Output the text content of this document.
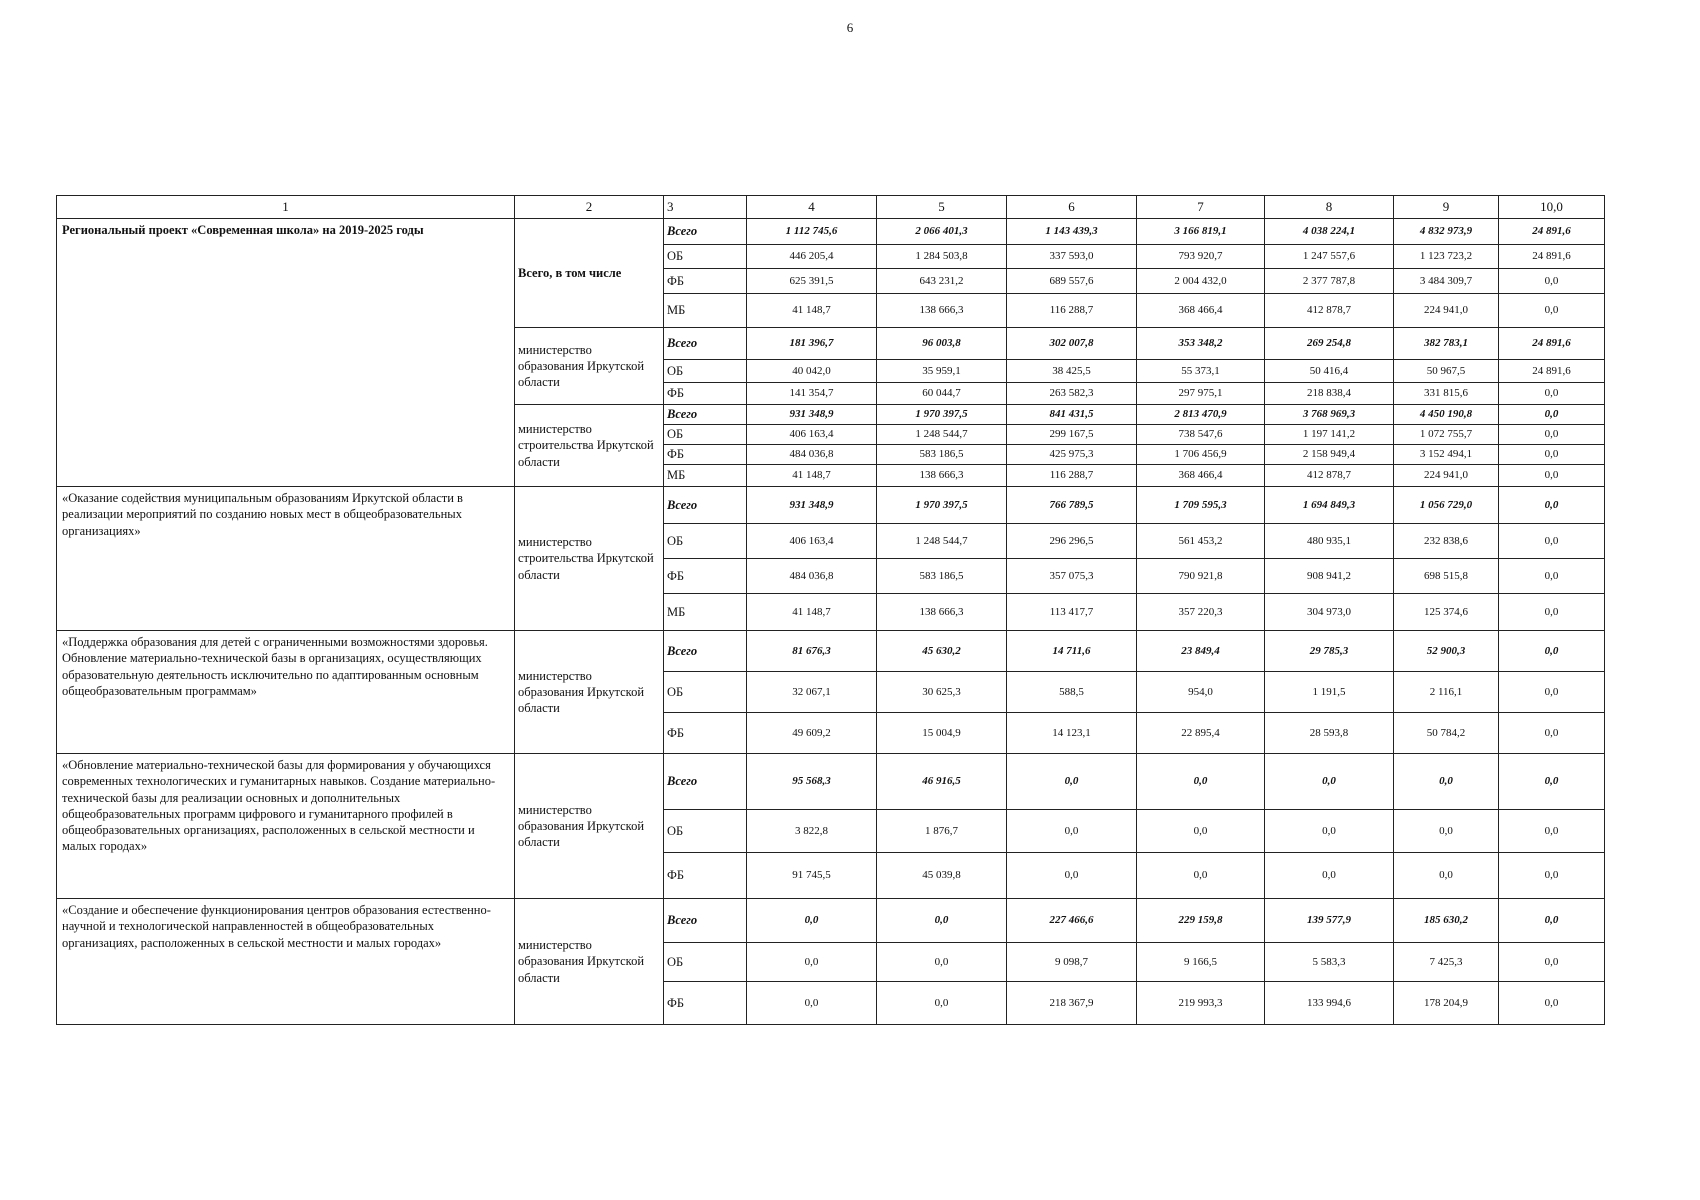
6
1	2	3	4	5	6	7	8	9	10,0
Региональный проект «Современная школа» на 2019-2025 годы	Всего, в том числе	Всего	1 112 745,6	2 066 401,3	1 143 439,3	3 166 819,1	4 038 224,1	4 832 973,9	24 891,6
		ОБ	446 205,4	1 284 503,8	337 593,0	793 920,7	1 247 557,6	1 123 723,2	24 891,6
		ФБ	625 391,5	643 231,2	689 557,6	2 004 432,0	2 377 787,8	3 484 309,7	0,0
		МБ	41 148,7	138 666,3	116 288,7	368 466,4	412 878,7	224 941,0	0,0
	министерство образования Иркутской области	Всего	181 396,7	96 003,8	302 007,8	353 348,2	269 254,8	382 783,1	24 891,6
		ОБ	40 042,0	35 959,1	38 425,5	55 373,1	50 416,4	50 967,5	24 891,6
		ФБ	141 354,7	60 044,7	263 582,3	297 975,1	218 838,4	331 815,6	0,0
	министерство строительства Иркутской области	Всего	931 348,9	1 970 397,5	841 431,5	2 813 470,9	3 768 969,3	4 450 190,8	0,0
		ОБ	406 163,4	1 248 544,7	299 167,5	738 547,6	1 197 141,2	1 072 755,7	0,0
		ФБ	484 036,8	583 186,5	425 975,3	1 706 456,9	2 158 949,4	3 152 494,1	0,0
		МБ	41 148,7	138 666,3	116 288,7	368 466,4	412 878,7	224 941,0	0,0
«Оказание содействия муниципальным образованиям Иркутской области в реализации мероприятий по созданию новых мест в общеобразовательных организациях»	министерство строительства Иркутской области	Всего	931 348,9	1 970 397,5	766 789,5	1 709 595,3	1 694 849,3	1 056 729,0	0,0
		ОБ	406 163,4	1 248 544,7	296 296,5	561 453,2	480 935,1	232 838,6	0,0
		ФБ	484 036,8	583 186,5	357 075,3	790 921,8	908 941,2	698 515,8	0,0
		МБ	41 148,7	138 666,3	113 417,7	357 220,3	304 973,0	125 374,6	0,0
«Поддержка образования для детей с ограниченными возможностями здоровья. Обновление материально-технической базы в организациях, осуществляющих образовательную деятельность исключительно по адаптированным основным общеобразовательным программам»	министерство образования Иркутской области	Всего	81 676,3	45 630,2	14 711,6	23 849,4	29 785,3	52 900,3	0,0
		ОБ	32 067,1	30 625,3	588,5	954,0	1 191,5	2 116,1	0,0
		ФБ	49 609,2	15 004,9	14 123,1	22 895,4	28 593,8	50 784,2	0,0
«Обновление материально-технической базы для формирования у обучающихся современных технологических и гуманитарных навыков. Создание материально-технической базы для реализации основных и дополнительных общеобразовательных программ цифрового и гуманитарного профилей в общеобразовательных организациях, расположенных в сельской местности и малых городах»	министерство образования Иркутской области	Всего	95 568,3	46 916,5	0,0	0,0	0,0	0,0	0,0
		ОБ	3 822,8	1 876,7	0,0	0,0	0,0	0,0	0,0
		ФБ	91 745,5	45 039,8	0,0	0,0	0,0	0,0	0,0
«Создание и обеспечение функционирования центров образования естественно-научной и технологической направленностей в общеобразовательных организациях, расположенных в сельской местности и малых городах»	министерство образования Иркутской области	Всего	0,0	0,0	227 466,6	229 159,8	139 577,9	185 630,2	0,0
		ОБ	0,0	0,0	9 098,7	9 166,5	5 583,3	7 425,3	0,0
		ФБ	0,0	0,0	218 367,9	219 993,3	133 994,6	178 204,9	0,0
